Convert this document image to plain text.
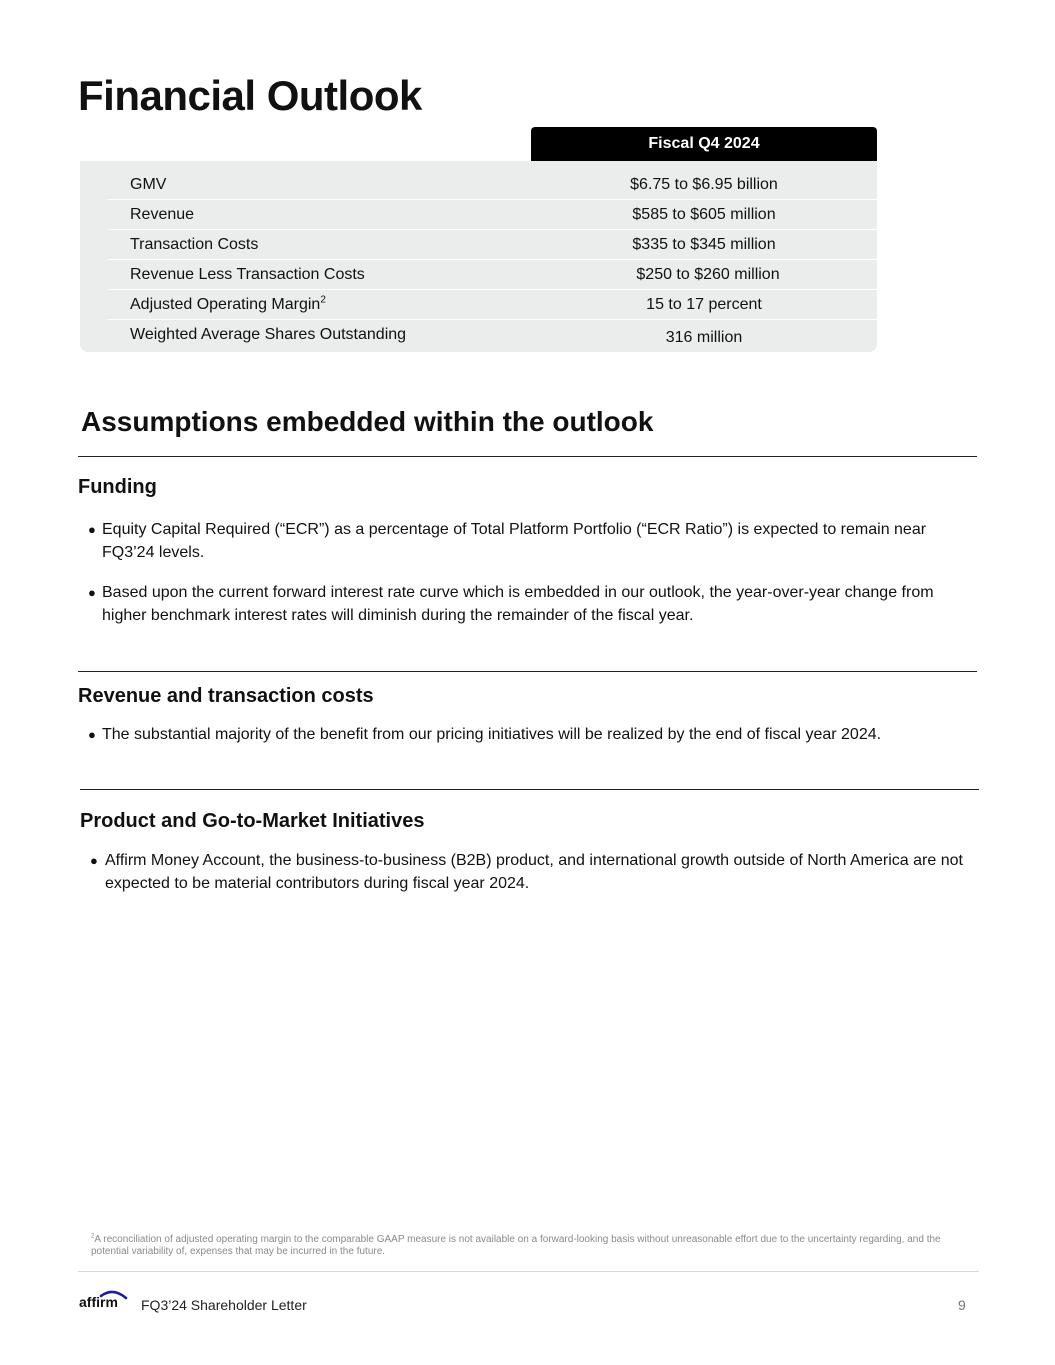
Financial Outlook
Fiscal Q4 2024
GMV	$6.75 to $6.95 billion
Revenue	$585 to $605 million
Transaction Costs	$335 to $345 million
Revenue Less Transaction Costs	$250 to $260 million
Adjusted Operating Margin$^2$	15 to 17 percent
Weighted Average Shares Outstanding	316 million
Assumptions embedded within the outlook
Funding
● Equity Capital Required (“ECR”) as a percentage of Total Platform Portfolio (“ECR Ratio”) is expected to remain near FQ3’24 levels.
● Based upon the current forward interest rate curve which is embedded in our outlook, the year-over-year change from higher benchmark interest rates will diminish during the remainder of the fiscal year.
Revenue and transaction costs
● The substantial majority of the benefit from our pricing initiatives will be realized by the end of fiscal year 2024.
Product and Go-to-Market Initiatives
● Affirm Money Account, the business-to-business (B2B) product, and international growth outside of North America are not expected to be material contributors during fiscal year 2024.
$^2$A reconciliation of adjusted operating margin to the comparable GAAP measure is not available on a forward-looking basis without unreasonable effort due to the uncertainty regarding, and the potential variability of, expenses that may be incurred in the future.
affirm FQ3’24 Shareholder Letter	9
